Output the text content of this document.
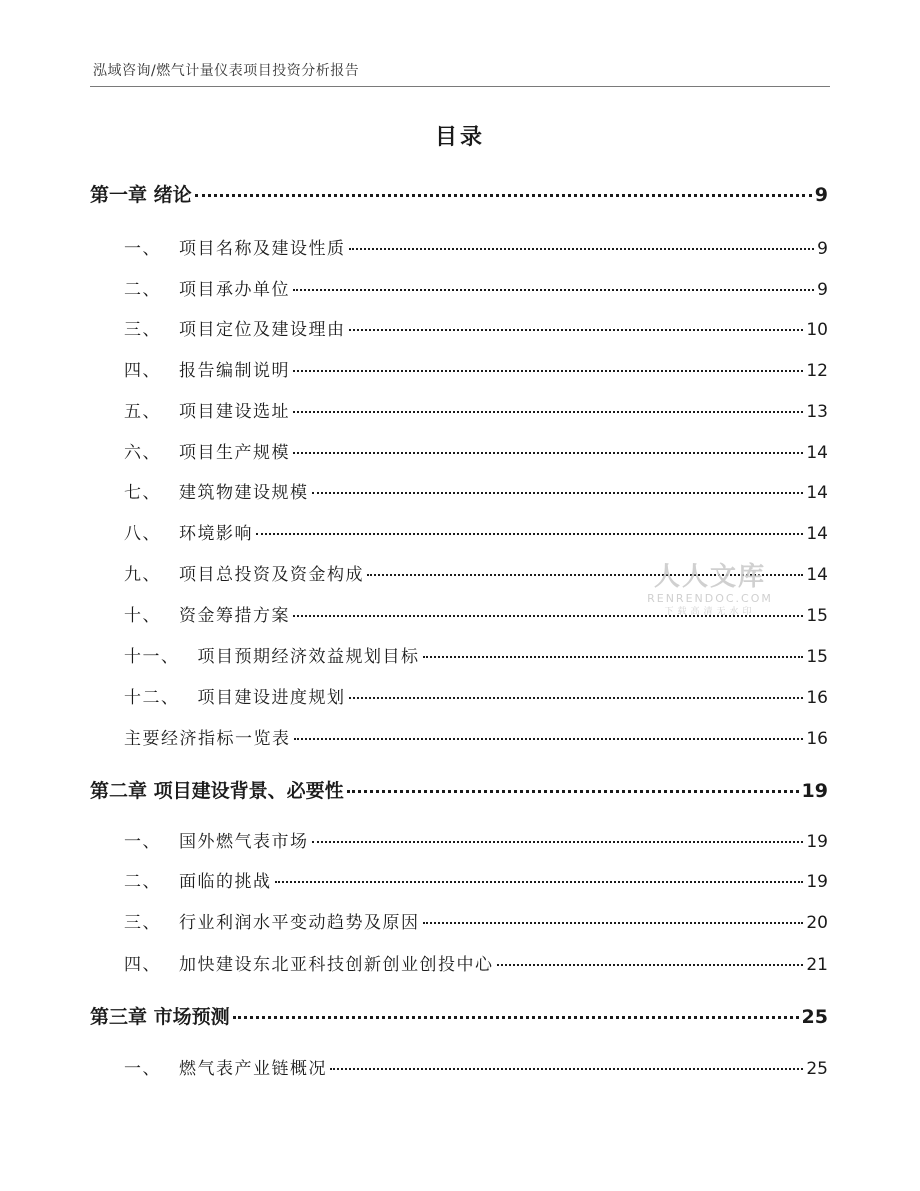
泓域咨询/燃气计量仪表项目投资分析报告
目录
第一章 绪论	9
一、 项目名称及建设性质	9
二、 项目承办单位	9
三、 项目定位及建设理由	10
四、 报告编制说明	12
五、 项目建设选址	13
六、 项目生产规模	14
七、 建筑物建设规模	14
八、 环境影响	14
九、 项目总投资及资金构成	14
十、 资金筹措方案	15
十一、 项目预期经济效益规划目标	15
十二、 项目建设进度规划	16
主要经济指标一览表	16
第二章 项目建设背景、必要性	19
一、 国外燃气表市场	19
二、 面临的挑战	19
三、 行业利润水平变动趋势及原因	20
四、 加快建设东北亚科技创新创业创投中心	21
第三章 市场预测	25
一、 燃气表产业链概况	25
人人文库
RENRENDOC.COM
下载高清无水印
